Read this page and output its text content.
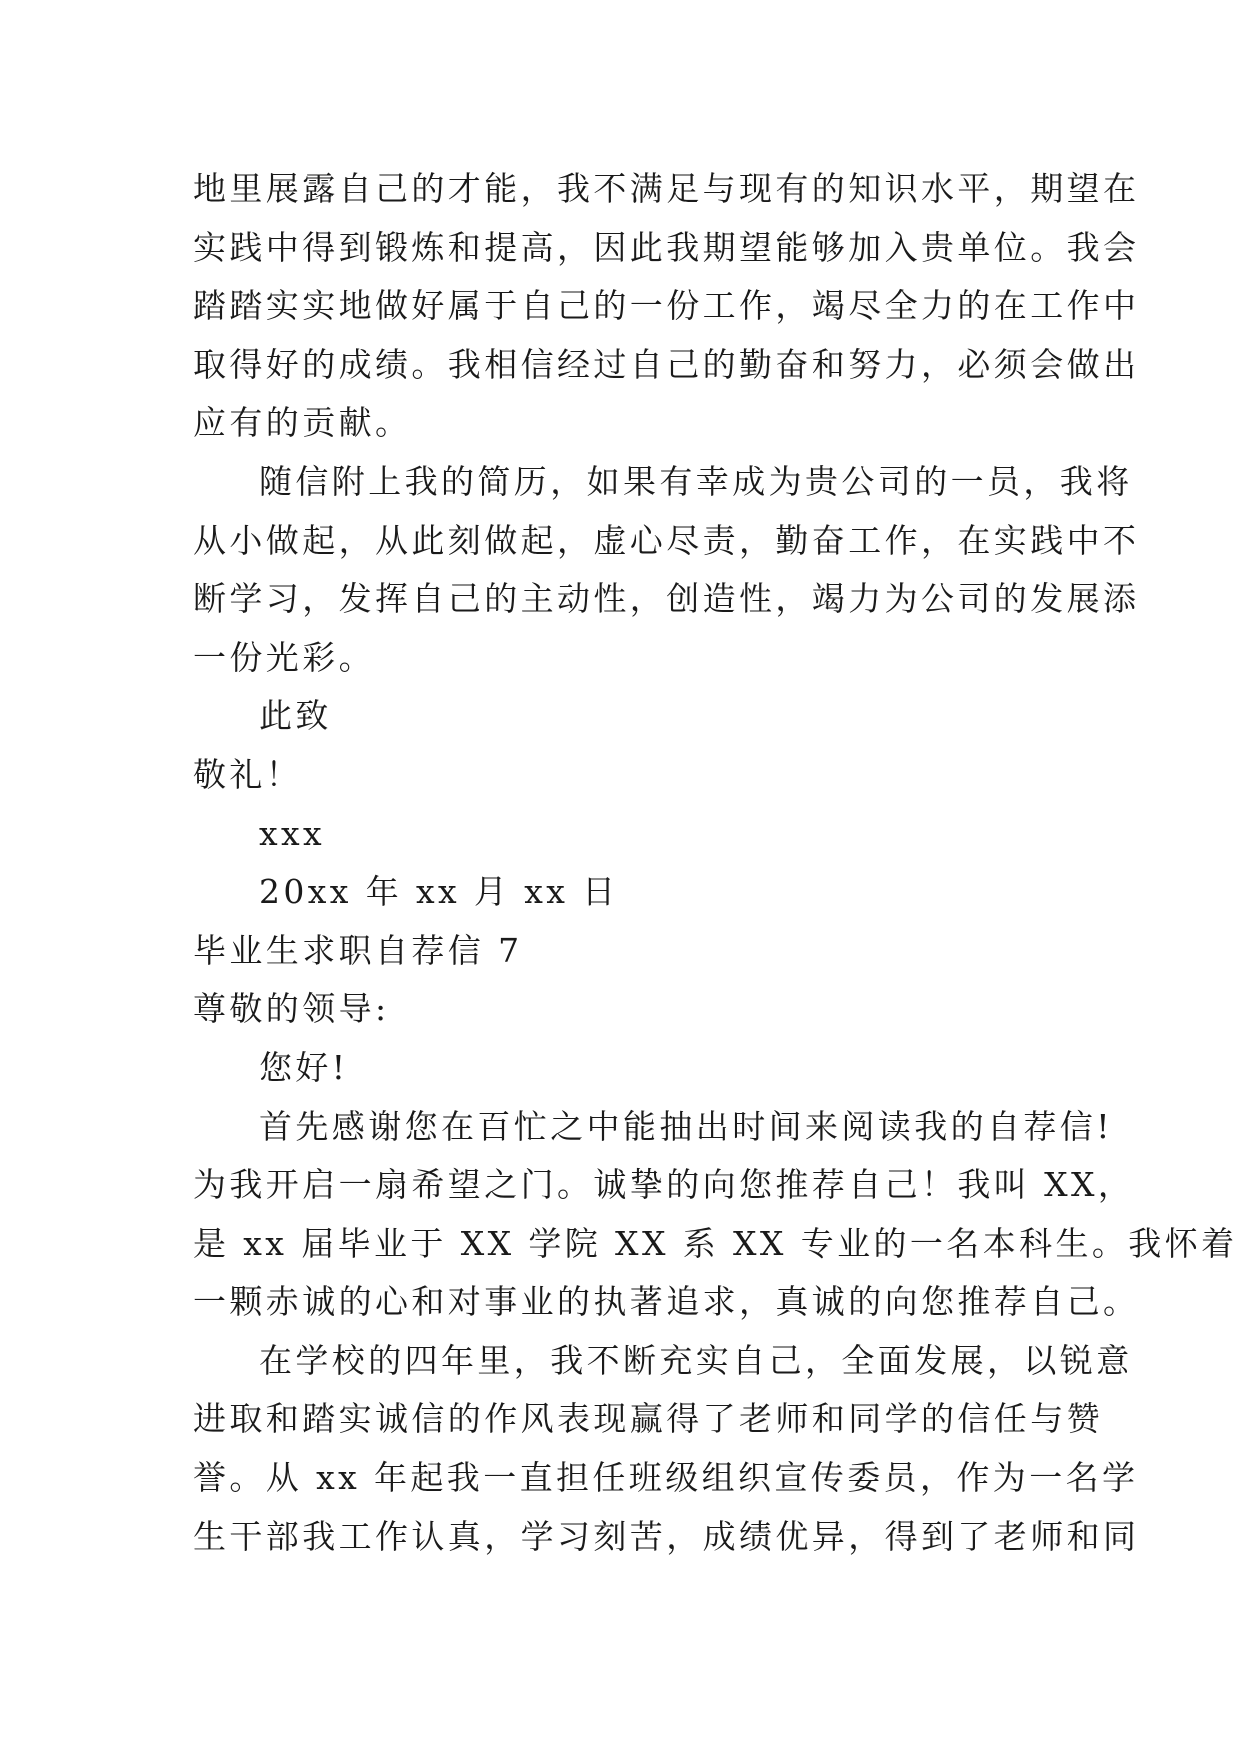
地里展露自己的才能，我不满足与现有的知识水平，期望在
实践中得到锻炼和提高，因此我期望能够加入贵单位。我会
踏踏实实地做好属于自己的一份工作，竭尽全力的在工作中
取得好的成绩。我相信经过自己的勤奋和努力，必须会做出
应有的贡献。
随信附上我的简历，如果有幸成为贵公司的一员，我将
从小做起，从此刻做起，虚心尽责，勤奋工作，在实践中不
断学习，发挥自己的主动性，创造性，竭力为公司的发展添
一份光彩。
此致
敬礼！
xxx
20xx 年 xx 月 xx 日
毕业生求职自荐信 7
尊敬的领导:
您好!
首先感谢您在百忙之中能抽出时间来阅读我的自荐信!
为我开启一扇希望之门。诚挚的向您推荐自己！我叫 XX，
是 xx 届毕业于 XX 学院 XX 系 XX 专业的一名本科生。我怀着
一颗赤诚的心和对事业的执著追求，真诚的向您推荐自己。
在学校的四年里，我不断充实自己，全面发展，以锐意
进取和踏实诚信的作风表现赢得了老师和同学的信任与赞
誉。从 xx 年起我一直担任班级组织宣传委员，作为一名学
生干部我工作认真，学习刻苦，成绩优异，得到了老师和同
